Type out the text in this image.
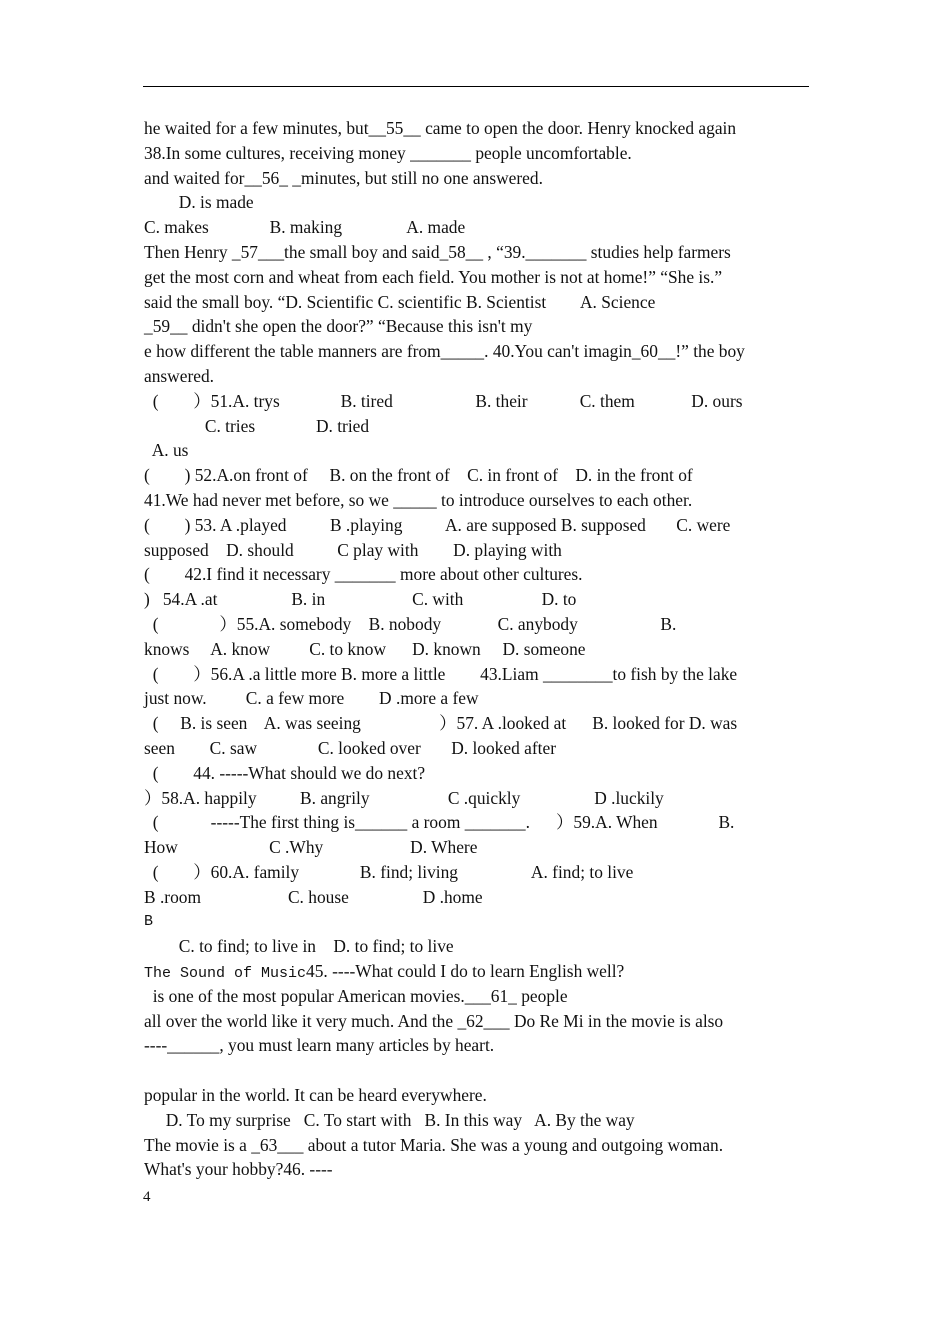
he waited for a few minutes, but__55__ came to open the door. Henry knocked again
38.In some cultures, receiving money _______ people uncomfortable.
and waited for__56_ _minutes, but still no one answered.
D. is made
C. makes              B. making               A. made
Then Henry _57___the small boy and said_58__ , “39._______ studies help farmers
get the most corn and wheat from each field. You mother is not at home!” “She is.”
said the small boy. “D. Scientific C. scientific B. Scientist        A. Science
_59__ didn't she open the door?” “Because this isn't my
e how different the table manners are from_____. 40.You can't imagin_60__!” the boy
answered.
(        ）51.A. trys              B. tired                   B. their            C. them             D. ours
C. tries              D. tried
A. us
(        ) 52.A.on front of     B. on the front of    C. in front of    D. in the front of
41.We had never met before, so we _____ to introduce ourselves to each other.
(        ) 53. A .played          B .playing          A. are supposed B. supposed       C. were
supposed    D. should          C play with        D. playing with
(        42.I find it necessary _______ more about other cultures.
)   54.A .at                 B. in                    C. with                  D. to
(              ）55.A. somebody    B. nobody             C. anybody                   B.
knows     A. know         C. to know      D. known     D. someone
(        ）56.A .a little more B. more a little        43.Liam ________to fish by the lake
just now.         C. a few more        D .more a few
(     B. is seen    A. was seeing                  ）57. A .looked at      B. looked for D. was
seen        C. saw              C. looked over       D. looked after
(        44. -----What should we do next?
）58.A. happily          B. angrily                  C .quickly                 D .luckily
(            -----The first thing is______ a room _______.      ）59.A. When              B.
How                     C .Why                    D. Where
(        ）60.A. family              B. find; living                 A. find; to live
B .room                    C. house                 D .home
B
C. to find; to live in    D. to find; to live
The Sound of Music45. ----What could I do to learn English well?
is one of the most popular American movies.___61_ people
all over the world like it very much. And the _62___ Do Re Mi in the movie is also
----______, you must learn many articles by heart.
popular in the world. It can be heard everywhere.
D. To my surprise   C. To start with   B. In this way   A. By the way
The movie is a _63___ about a tutor Maria. She was a young and outgoing woman.
What's your hobby?46. ----
4
